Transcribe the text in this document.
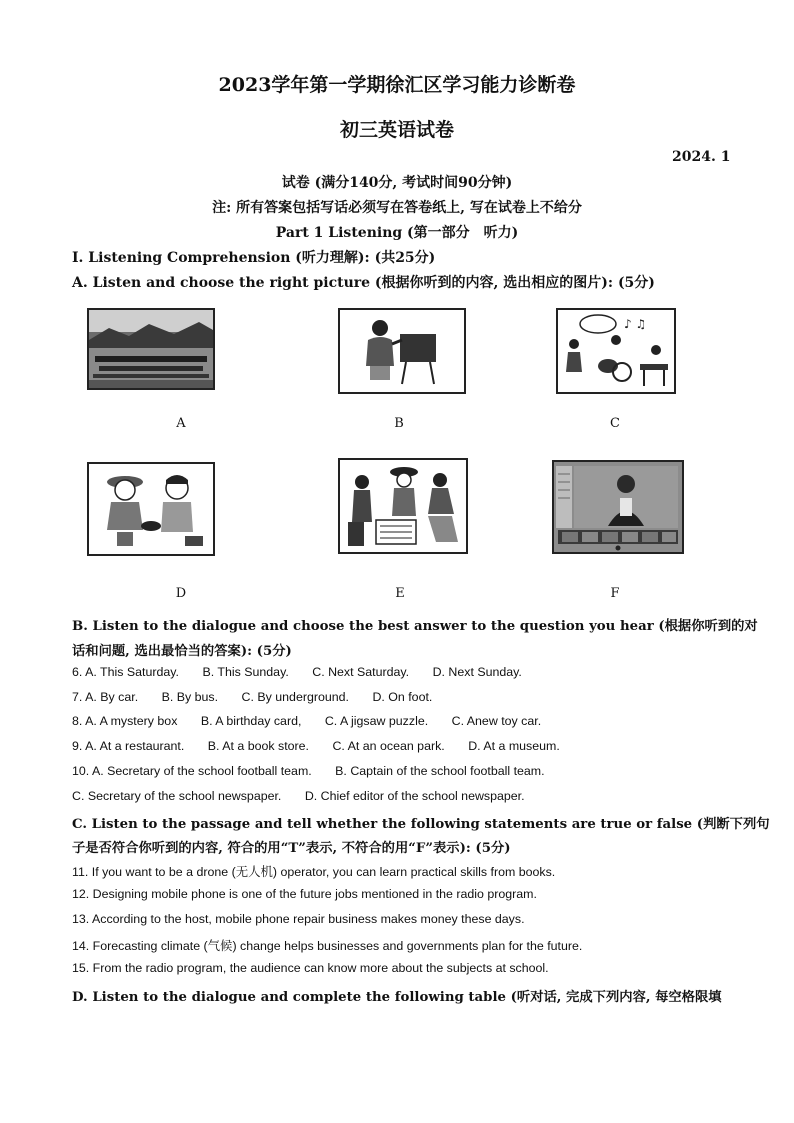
2023学年第一学期徐汇区学习能力诊断卷
初三英语试卷
2024. 1
试卷 (满分140分, 考试时间90分钟)
注: 所有答案包括写话必须写在答卷纸上, 写在试卷上不给分
Part 1 Listening (第一部分　听力)
I. Listening Comprehension (听力理解): (共25分)
A. Listen and choose the right picture (根据你听到的内容, 选出相应的图片): (5分)
A	B
♪ ♫
C
D	E	F
B. Listen to the dialogue and choose the best answer to the question you hear (根据你听到的对
话和问题, 选出最恰当的答案): (5分)
6. A. This Saturday. B. This Sunday. C. Next Saturday. D. Next Sunday.
7. A. By car. B. By bus. C. By underground. D. On foot.
8. A. A mystery box B. A birthday card, C. A jigsaw puzzle. C. Anew toy car.
9. A. At a restaurant. B. At a book store. C. At an ocean park. D. At a museum.
10. A. Secretary of the school football team. B. Captain of the school football team.
C. Secretary of the school newspaper. D. Chief editor of the school newspaper.
C. Listen to the passage and tell whether the following statements are true or false (判断下列句
子是否符合你听到的内容, 符合的用“T”表示, 不符合的用“F”表示): (5分)
11. If you want to be a drone (无人机) operator, you can learn practical skills from books.
12. Designing mobile phone is one of the future jobs mentioned in the radio program.
13. According to the host, mobile phone repair business makes money these days.
14. Forecasting climate (气候) change helps businesses and governments plan for the future.
15. From the radio program, the audience can know more about the subjects at school.
D. Listen to the dialogue and complete the following table (听对话, 完成下列内容, 每空格限填
